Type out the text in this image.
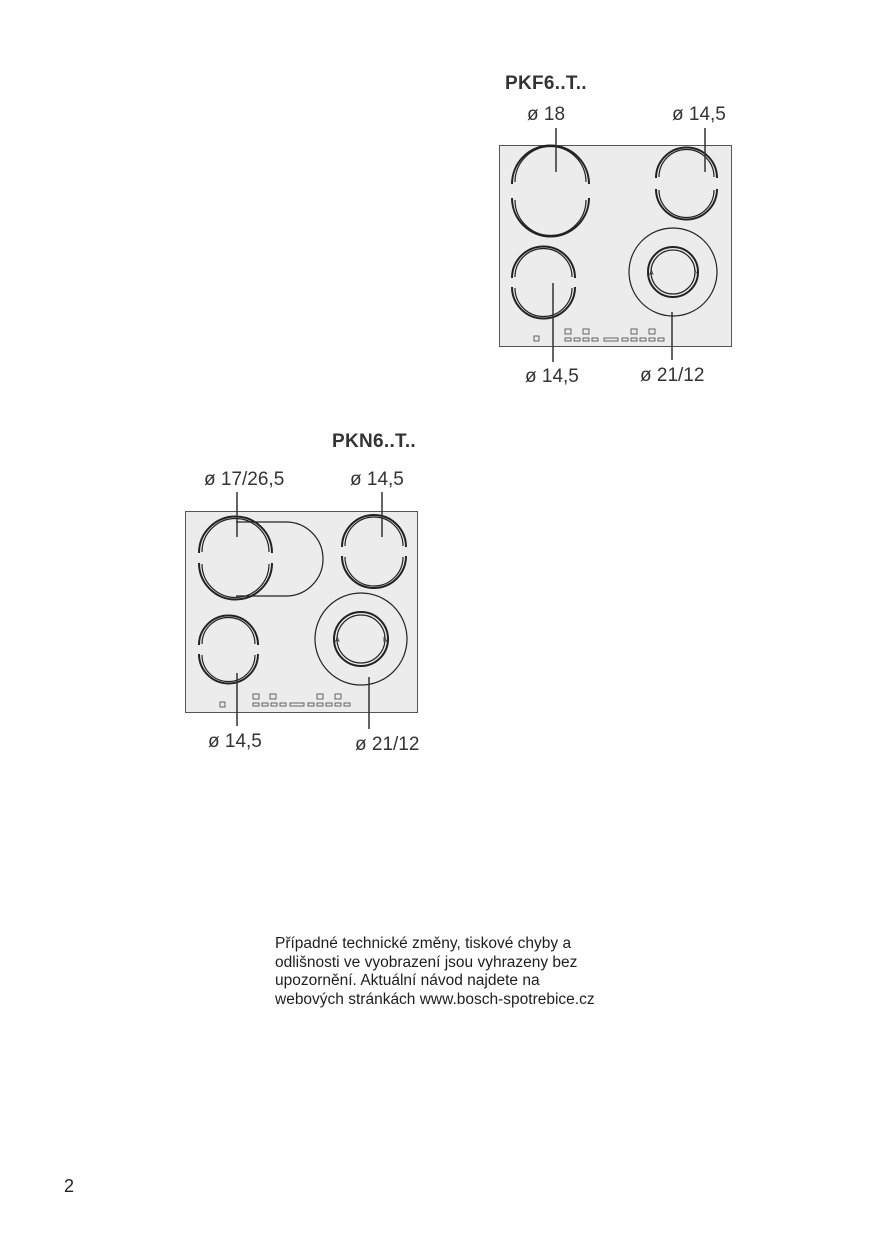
PKF6..T..
ø 18	ø 14,5
A	N
ø 14,5	ø 21/12
PKN6..T..
ø 17/26,5	ø 14,5
A	N
ø 14,5	ø 21/12
Případné technické změny, tiskové chyby a
odlišnosti ve vyobrazení jsou vyhrazeny bez
upozornění. Aktuální návod najdete na
webových stránkách www.bosch-spotrebice.cz
2
